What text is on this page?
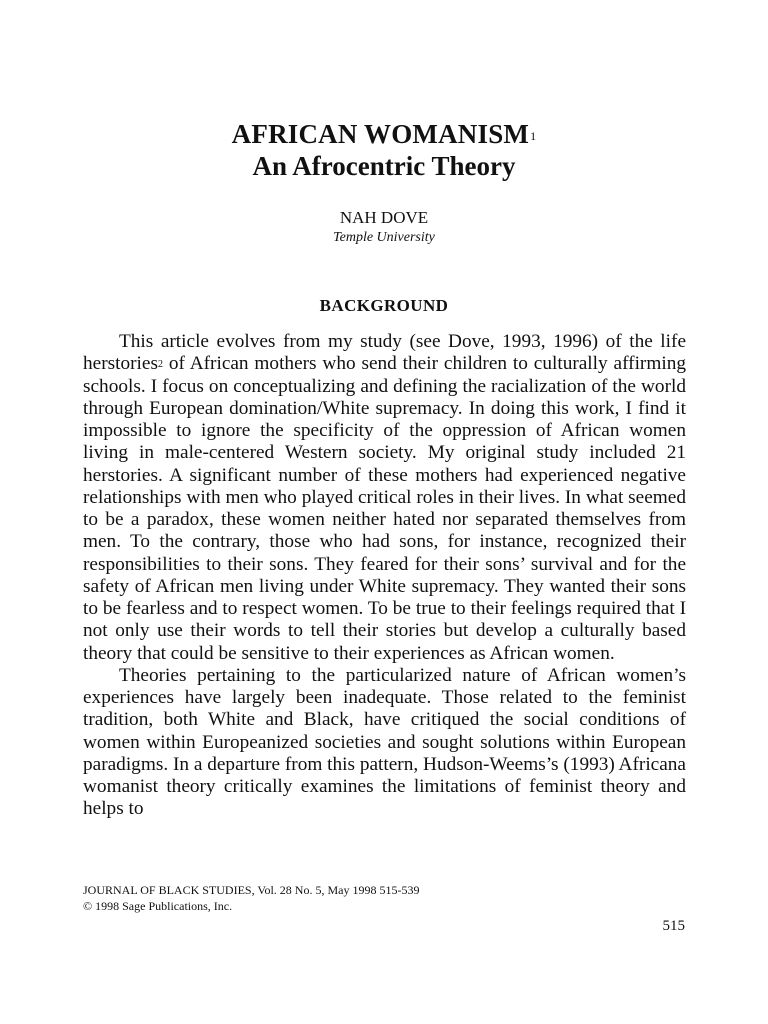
AFRICAN WOMANISM$^1$
An Afrocentric Theory
NAH DOVE
Temple University
BACKGROUND

This article evolves from my study (see Dove, 1993, 1996) of the life herstories$^2$ of African mothers who send their children to culturally affirming schools. I focus on conceptualizing and defining the racialization of the world through European domination/White supremacy. In doing this work, I find it impossible to ignore the specificity of the oppression of African women living in male-centered Western society. My original study included 21 herstories. A significant number of these mothers had experienced negative relationships with men who played critical roles in their lives. In what seemed to be a paradox, these women neither hated nor separated themselves from men. To the contrary, those who had sons, for instance, recognized their responsibilities to their sons. They feared for their sons’ survival and for the safety of African men living under White supremacy. They wanted their sons to be fearless and to respect women. To be true to their feelings required that I not only use their words to tell their stories but develop a culturally based theory that could be sensitive to their experiences as African women.

Theories pertaining to the particularized nature of African women’s experiences have largely been inadequate. Those related to the feminist tradition, both White and Black, have critiqued the social conditions of women within Europeanized societies and sought solutions within European paradigms. In a departure from this pattern, Hudson-Weems’s (1993) Africana womanist theory critically examines the limitations of feminist theory and helps to

JOURNAL OF BLACK STUDIES, Vol. 28 No. 5, May 1998 515-539
© 1998 Sage Publications, Inc.
515
